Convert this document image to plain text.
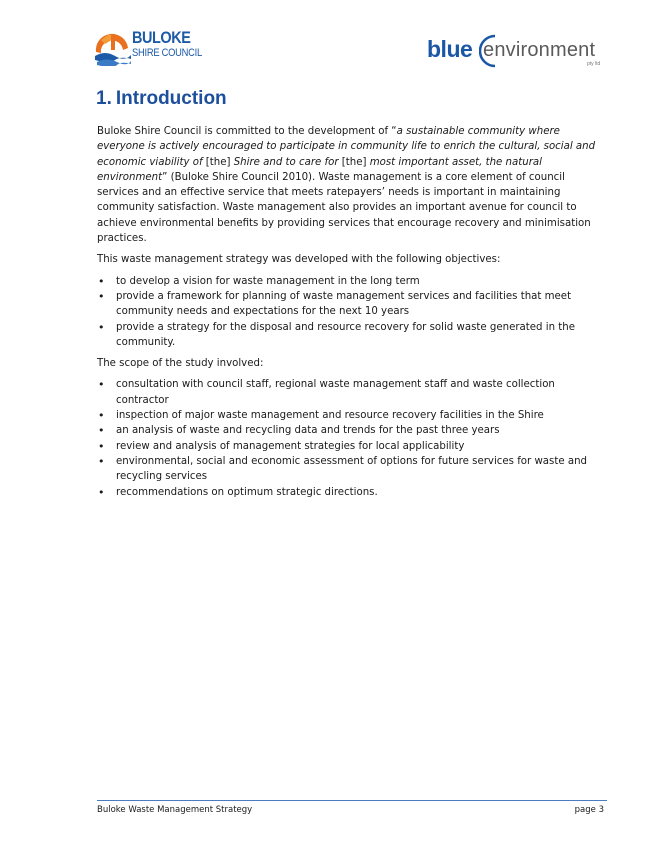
BULOKE
SHIRE COUNCIL	blue environment
pty ltd
1. Introduction

Buloke Shire Council is committed to the development of “a sustainable community where everyone is actively encouraged to participate in community life to enrich the cultural, social and economic viability of [the] Shire and to care for [the] most important asset, the natural environment” (Buloke Shire Council 2010). Waste management is a core element of council services and an effective service that meets ratepayers’ needs is important in maintaining community satisfaction. Waste management also provides an important avenue for council to achieve environmental benefits by providing services that encourage recovery and minimisation practices.

This waste management strategy was developed with the following objectives:

• to develop a vision for waste management in the long term
• provide a framework for planning of waste management services and facilities that meet community needs and expectations for the next 10 years
• provide a strategy for the disposal and resource recovery for solid waste generated in the community.

The scope of the study involved:

• consultation with council staff, regional waste management staff and waste collection contractor
• inspection of major waste management and resource recovery facilities in the Shire
• an analysis of waste and recycling data and trends for the past three years
• review and analysis of management strategies for local applicability
• environmental, social and economic assessment of options for future services for waste and recycling services
• recommendations on optimum strategic directions.
Buloke Waste Management Strategy	page 3
